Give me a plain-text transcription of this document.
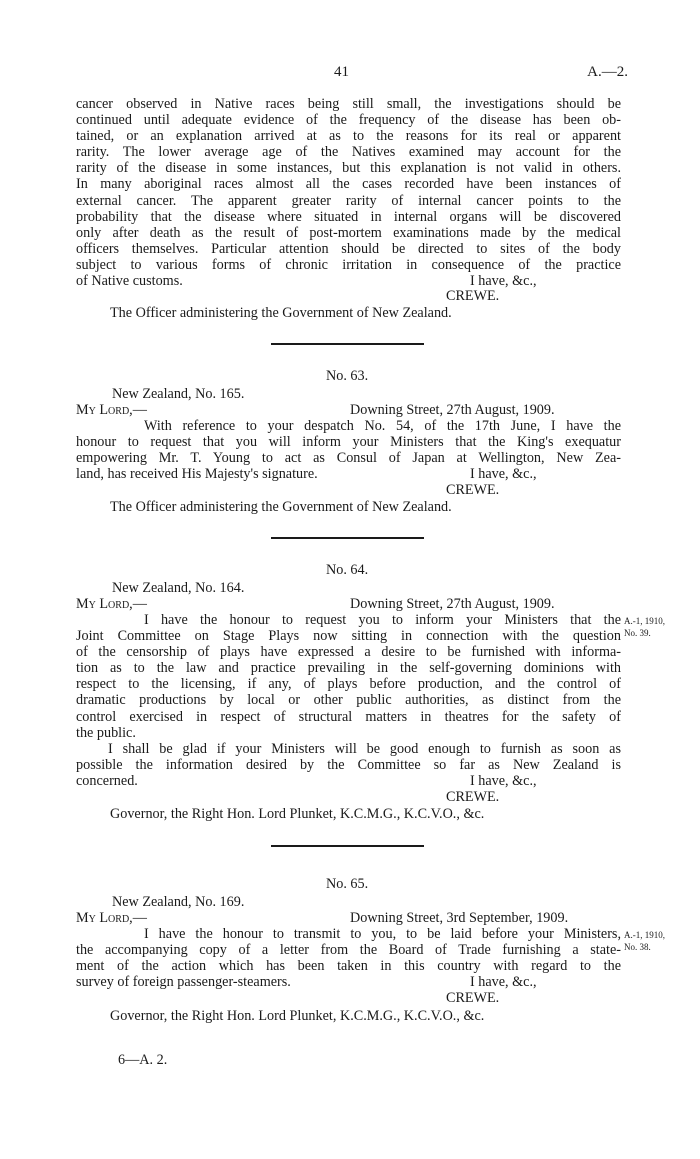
41	A.—2.
cancer observed in Native races being still small, the investigations should be
continued until adequate evidence of the frequency of the disease has been ob-
tained, or an explanation arrived at as to the reasons for its real or apparent
rarity. The lower average age of the Natives examined may account for the
rarity of the disease in some instances, but this explanation is not valid in others.
In many aboriginal races almost all the cases recorded have been instances of
external cancer. The apparent greater rarity of internal cancer points to the
probability that the disease where situated in internal organs will be discovered
only after death as the result of post-mortem examinations made by the medical
officers themselves. Particular attention should be directed to sites of the body
subject to various forms of chronic irritation in consequence of the practice
of Native customs.	I have, &c.,
CREWE.
The Officer administering the Government of New Zealand.
No. 63.
New Zealand, No. 165.
My Lord,—	Downing Street, 27th August, 1909.
With reference to your despatch No. 54, of the 17th June, I have the
honour to request that you will inform your Ministers that the King's exequatur
empowering Mr. T. Young to act as Consul of Japan at Wellington, New Zea-
land, has received His Majesty's signature.	I have, &c.,
CREWE.
The Officer administering the Government of New Zealand.
No. 64.
New Zealand, No. 164.
My Lord,—	Downing Street, 27th August, 1909.
A.-1, 1910,
No. 39.
I have the honour to request you to inform your Ministers that the
Joint Committee on Stage Plays now sitting in connection with the question
of the censorship of plays have expressed a desire to be furnished with informa-
tion as to the law and practice prevailing in the self-governing dominions with
respect to the licensing, if any, of plays before production, and the control of
dramatic productions by local or other public authorities, as distinct from the
control exercised in respect of structural matters in theatres for the safety of
the public.
I shall be glad if your Ministers will be good enough to furnish as soon as
possible the information desired by the Committee so far as New Zealand is
concerned.	I have, &c.,
CREWE.
Governor, the Right Hon. Lord Plunket, K.C.M.G., K.C.V.O., &c.
No. 65.
New Zealand, No. 169.
My Lord,—	Downing Street, 3rd September, 1909.
A.-1, 1910,
No. 38.
I have the honour to transmit to you, to be laid before your Ministers,
the accompanying copy of a letter from the Board of Trade furnishing a state-
ment of the action which has been taken in this country with regard to the
survey of foreign passenger-steamers.	I have, &c.,
CREWE.
Governor, the Right Hon. Lord Plunket, K.C.M.G., K.C.V.O., &c.
6—A. 2.
